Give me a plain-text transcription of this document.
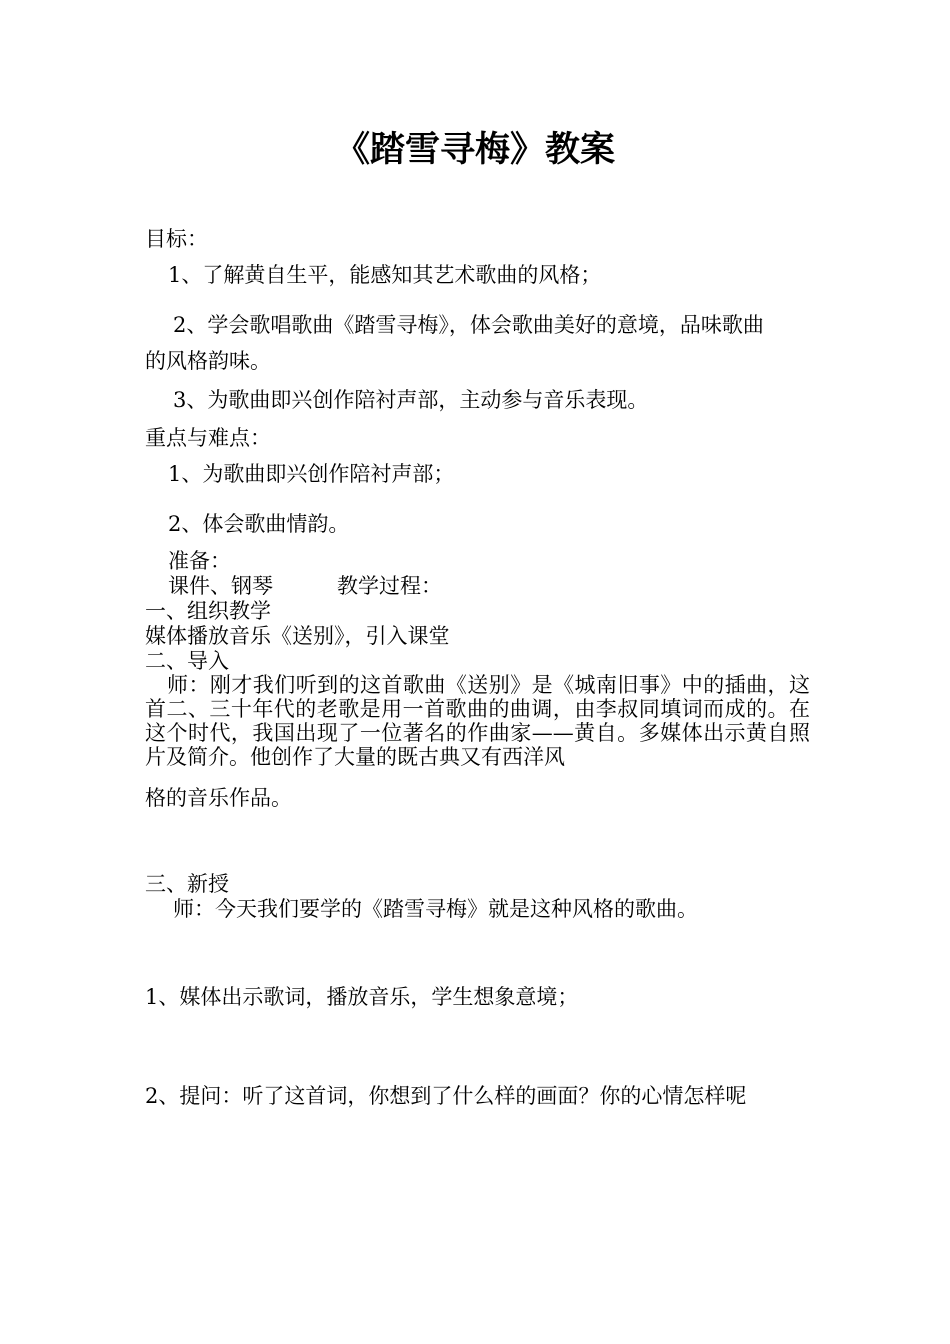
《踏雪寻梅》教案
目标：
1、了解黄自生平，能感知其艺术歌曲的风格；
2、学会歌唱歌曲《踏雪寻梅》，体会歌曲美好的意境，品味歌曲
的风格韵味。
3、为歌曲即兴创作陪衬声部，主动参与音乐表现。
重点与难点：
1、为歌曲即兴创作陪衬声部；
2、体会歌曲情韵。
准备：
课件、钢琴	教学过程：
一、组织教学
媒体播放音乐《送别》，引入课堂
二、导入
师：刚才我们听到的这首歌曲《送别》是《城南旧事》中的插曲，这首二、三十年代的老歌是用一首歌曲的曲调，由李叔同填词而成的。在这个时代，我国出现了一位著名的作曲家——黄自。多媒体出示黄自照片及简介。他创作了大量的既古典又有西洋风
格的音乐作品。
三、新授
师：今天我们要学的《踏雪寻梅》就是这种风格的歌曲。
1、媒体出示歌词，播放音乐，学生想象意境；
2、提问：听了这首词，你想到了什么样的画面？你的心情怎样呢
